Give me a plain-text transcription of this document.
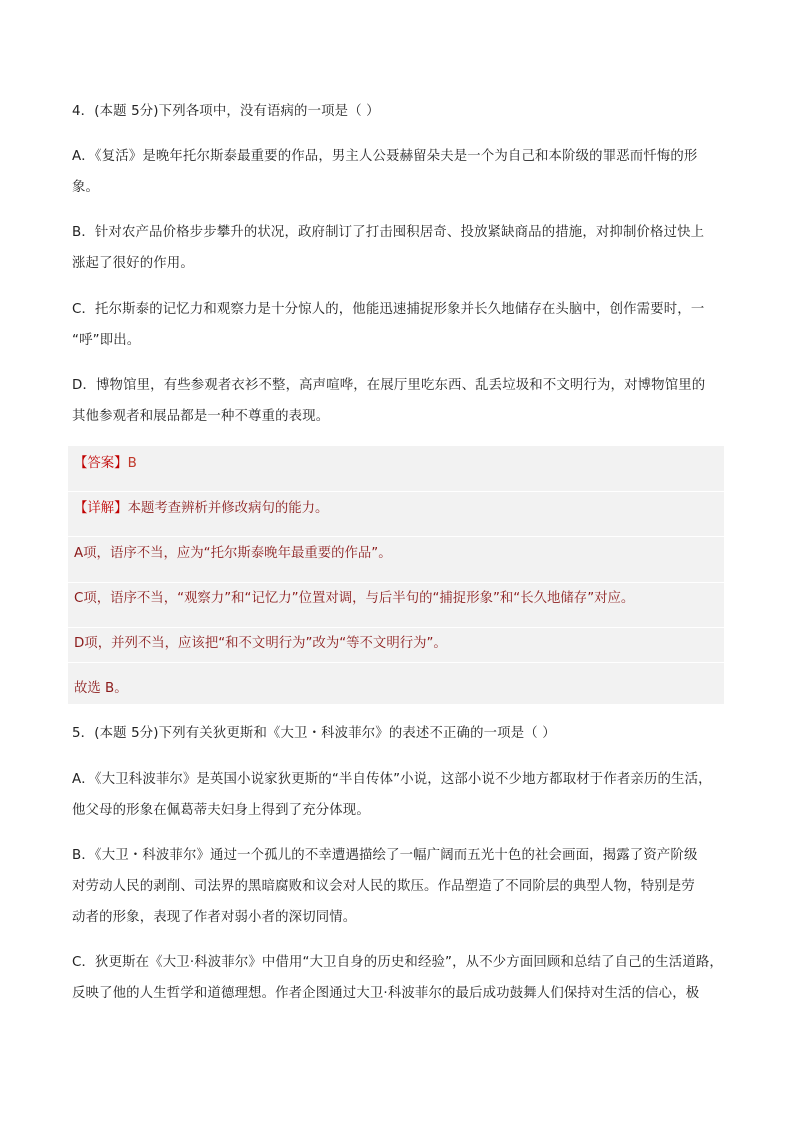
4．(本题 5分)下列各项中，没有语病的一项是（ ）
A．《复活》是晚年托尔斯泰最重要的作品，男主人公聂赫留朵夫是一个为自己和本阶级的罪恶而忏悔的形
象。
B．针对农产品价格步步攀升的状况，政府制订了打击囤积居奇、投放紧缺商品的措施，对抑制价格过快上
涨起了很好的作用。
C．托尔斯泰的记忆力和观察力是十分惊人的，他能迅速捕捉形象并长久地储存在头脑中，创作需要时，一
“呼”即出。
D．博物馆里，有些参观者衣衫不整，高声喧哗，在展厅里吃东西、乱丢垃圾和不文明行为，对博物馆里的
其他参观者和展品都是一种不尊重的表现。
【答案】B
【详解】本题考查辨析并修改病句的能力。
A项，语序不当，应为“托尔斯泰晚年最重要的作品”。
C项，语序不当，“观察力”和“记忆力”位置对调，与后半句的“捕捉形象”和“长久地储存”对应。
D项，并列不当，应该把“和不文明行为”改为“等不文明行为”。
故选 B。
5．(本题 5分)下列有关狄更斯和《大卫・科波菲尔》的表述不正确的一项是（ ）
A．《大卫科波菲尔》是英国小说家狄更斯的“半自传体”小说，这部小说不少地方都取材于作者亲历的生活，
他父母的形象在佩葛蒂夫妇身上得到了充分体现。
B．《大卫・科波菲尔》通过一个孤儿的不幸遭遇描绘了一幅广阔而五光十色的社会画面，揭露了资产阶级
对劳动人民的剥削、司法界的黑暗腐败和议会对人民的欺压。作品塑造了不同阶层的典型人物，特别是劳
动者的形象，表现了作者对弱小者的深切同情。
C．狄更斯在《大卫·科波菲尔》中借用“大卫自身的历史和经验”，从不少方面回顾和总结了自己的生活道路，
反映了他的人生哲学和道德理想。作者企图通过大卫·科波菲尔的最后成功鼓舞人们保持对生活的信心，极
